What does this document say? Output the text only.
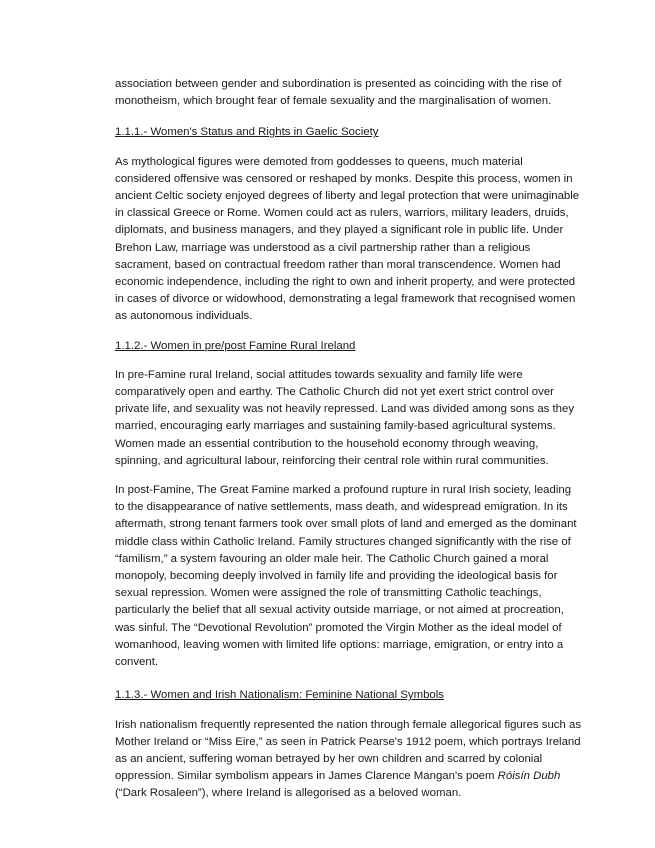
association between gender and subordination is presented as coinciding with the rise of monotheism, which brought fear of female sexuality and the marginalisation of women.

1.1.1.- Women's Status and Rights in Gaelic Society

As mythological figures were demoted from goddesses to queens, much material considered offensive was censored or reshaped by monks. Despite this process, women in ancient Celtic society enjoyed degrees of liberty and legal protection that were unimaginable in classical Greece or Rome. Women could act as rulers, warriors, military leaders, druids, diplomats, and business managers, and they played a significant role in public life. Under Brehon Law, marriage was understood as a civil partnership rather than a religious sacrament, based on contractual freedom rather than moral transcendence. Women had economic independence, including the right to own and inherit property, and were protected in cases of divorce or widowhood, demonstrating a legal framework that recognised women as autonomous individuals.

1.1.2.- Women in pre/post Famine Rural Ireland

In pre-Famine rural Ireland, social attitudes towards sexuality and family life were comparatively open and earthy. The Catholic Church did not yet exert strict control over private life, and sexuality was not heavily repressed. Land was divided among sons as they married, encouraging early marriages and sustaining family-based agricultural systems. Women made an essential contribution to the household economy through weaving, spinning, and agricultural labour, reinforcing their central role within rural communities.

In post-Famine, The Great Famine marked a profound rupture in rural Irish society, leading to the disappearance of native settlements, mass death, and widespread emigration. In its aftermath, strong tenant farmers took over small plots of land and emerged as the dominant middle class within Catholic Ireland. Family structures changed significantly with the rise of “familism,” a system favouring an older male heir. The Catholic Church gained a moral monopoly, becoming deeply involved in family life and providing the ideological basis for sexual repression. Women were assigned the role of transmitting Catholic teachings, particularly the belief that all sexual activity outside marriage, or not aimed at procreation, was sinful. The “Devotional Revolution” promoted the Virgin Mother as the ideal model of womanhood, leaving women with limited life options: marriage, emigration, or entry into a convent.

1.1.3.- Women and Irish Nationalism: Feminine National Symbols

Irish nationalism frequently represented the nation through female allegorical figures such as Mother Ireland or “Miss Eire,” as seen in Patrick Pearse's 1912 poem, which portrays Ireland as an ancient, suffering woman betrayed by her own children and scarred by colonial oppression. Similar symbolism appears in James Clarence Mangan's poem Róisín Dubh (“Dark Rosaleen”), where Ireland is allegorised as a beloved woman.
